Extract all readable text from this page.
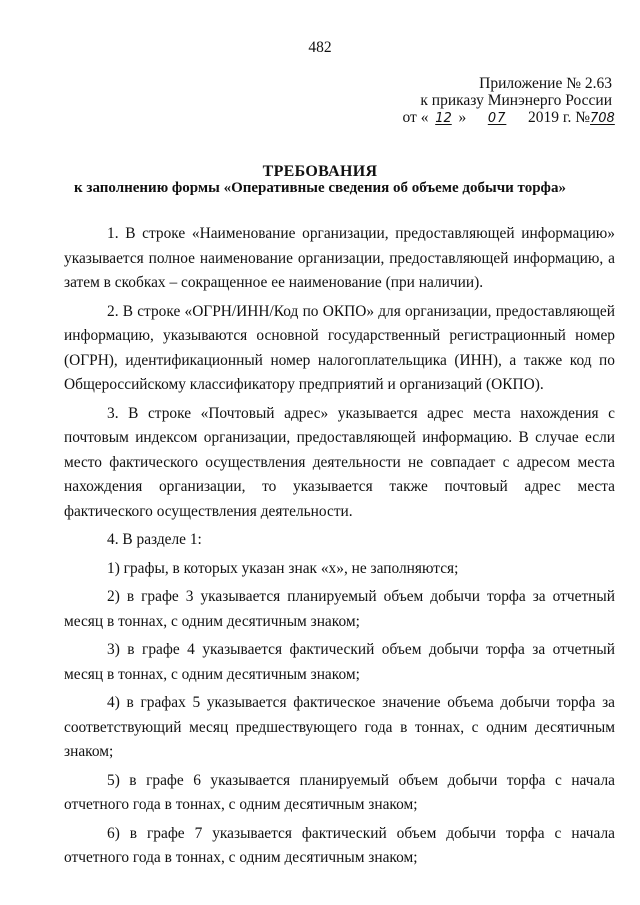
482
Приложение № 2.63
к приказу Минэнерго России
от « 12 » 07 2019 г. №708
ТРЕБОВАНИЯ
к заполнению формы «Оперативные сведения об объеме добычи торфа»

1. В строке «Наименование организации, предоставляющей информацию» указывается полное наименование организации, предоставляющей информацию, а затем в скобках – сокращенное ее наименование (при наличии).

2. В строке «ОГРН/ИНН/Код по ОКПО» для организации, предоставляющей информацию, указываются основной государственный регистрационный номер (ОГРН), идентификационный номер налогоплательщика (ИНН), а также код по Общероссийскому классификатору предприятий и организаций (ОКПО).

3. В строке «Почтовый адрес» указывается адрес места нахождения с почтовым индексом организации, предоставляющей информацию. В случае если место фактического осуществления деятельности не совпадает с адресом места нахождения организации, то указывается также почтовый адрес места фактического осуществления деятельности.

4. В разделе 1:

1) графы, в которых указан знак «х», не заполняются;

2) в графе 3 указывается планируемый объем добычи торфа за отчетный месяц в тоннах, с одним десятичным знаком;

3) в графе 4 указывается фактический объем добычи торфа за отчетный месяц в тоннах, с одним десятичным знаком;

4) в графах 5 указывается фактическое значение объема добычи торфа за соответствующий месяц предшествующего года в тоннах, с одним десятичным знаком;

5) в графе 6 указывается планируемый объем добычи торфа с начала отчетного года в тоннах, с одним десятичным знаком;

6) в графе 7 указывается фактический объем добычи торфа с начала отчетного года в тоннах, с одним десятичным знаком;
